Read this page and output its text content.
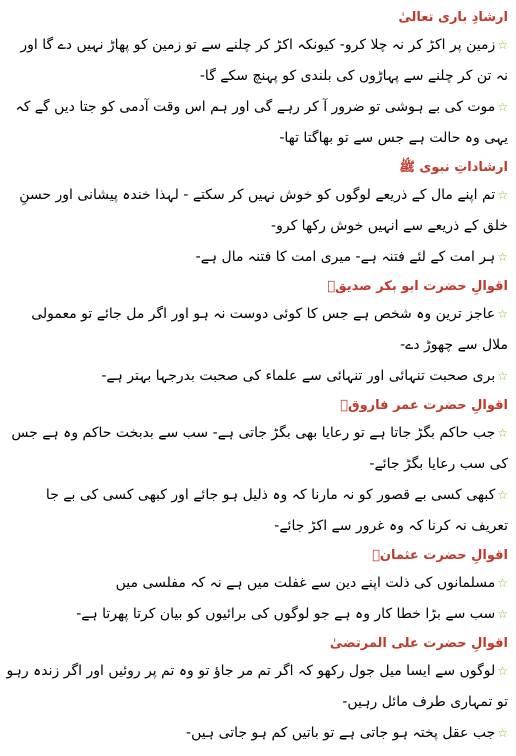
ارشادِ باری تعالیٰ

☆زمین پر اکڑ کر نہ چلا کرو- کیونکہ اکڑ کر چلنے سے تو زمین کو پھاڑ نہیں دے گا اور نہ تن کر چلنے سے پہاڑوں کی بلندی کو پہنچ سکے گا-

☆موت کی بے ہوشی تو ضرور آ کر رہے گی اور ہم اس وقت آدمی کو جتا دیں گے کہ یہی وہ حالت ہے جس سے تو بھاگتا تھا-

ارشاداتِ نبوی ﷺ

☆تم اپنے مال کے ذریعے لوگوں کو خوش نہیں کر سکتے - لہذا خندہ پیشانی اور حسنِ خلق کے ذریعے سے انہیں خوش رکھا کرو-

☆ہر امت کے لئے فتنہ ہے- میری امت کا فتنہ مال ہے-

اقوالِ حضرت ابو بکر صدیقؓ

☆عاجز ترین وہ شخص ہے جس کا کوئی دوست نہ ہو اور اگر مل جائے تو معمولی ملال سے چھوڑ دے-

☆بری صحبت تنہائی اور تنہائی سے علماء کی صحبت بدرجہا بہتر ہے-

اقوالِ حضرت عمر فاروقؓ

☆جب حاکم بگڑ جاتا ہے تو رعایا بھی بگڑ جاتی ہے- سب سے بدبخت حاکم وہ ہے جس کی سب رعایا بگڑ جائے-

☆کبھی کسی بے قصور کو نہ مارنا کہ وہ ذلیل ہو جائے اور کبھی کسی کی بے جا تعریف نہ کرنا کہ وہ غرور سے اکڑ جائے-

اقوالِ حضرت عثمانؓ

☆مسلمانوں کی ذلت اپنے دین سے غفلت میں ہے نہ کہ مفلسی میں

☆سب سے بڑا خطا کار وہ ہے جو لوگوں کی برائیوں کو بیان کرتا پھرتا ہے-

اقوالِ حضرت علی المرتضیٰ

☆لوگوں سے ایسا میل جول رکھو کہ اگر تم مر جاؤ تو وہ تم پر روئیں اور اگر زندہ رہو تو تمہاری طرف مائل رہیں-

☆جب عقل پختہ ہو جاتی ہے تو باتیں کم ہو جاتی ہیں-
